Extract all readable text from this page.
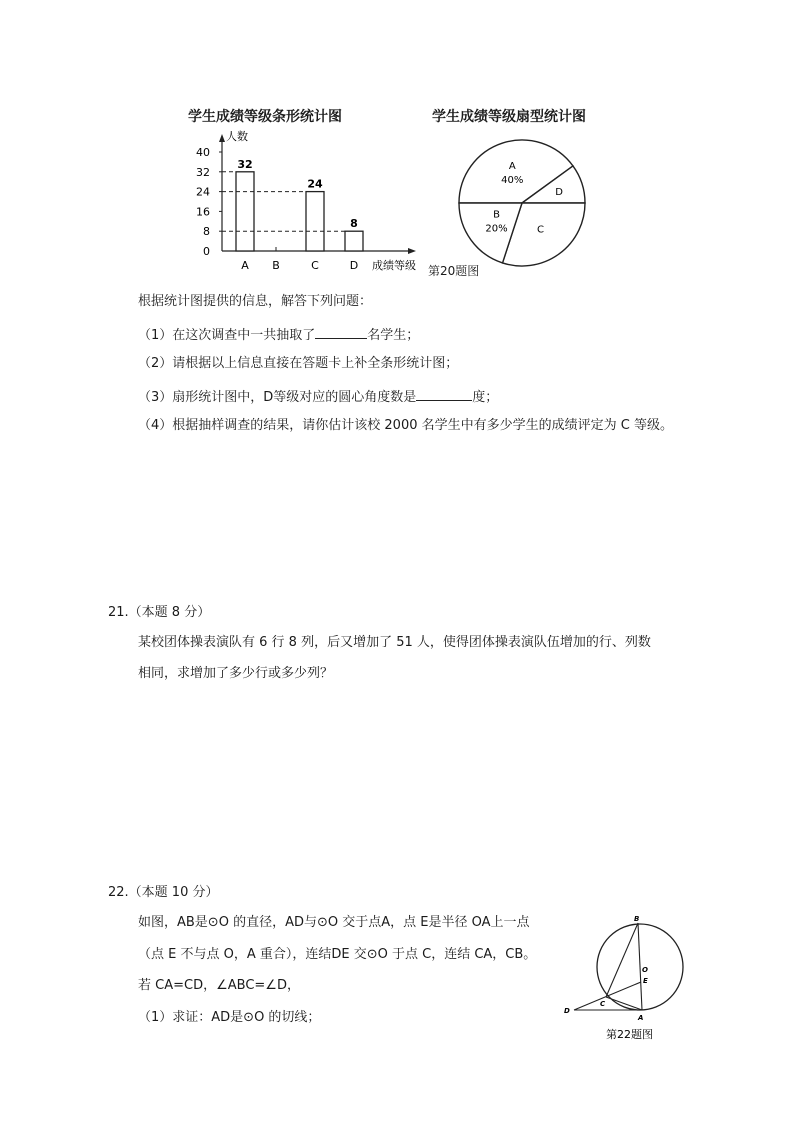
学生成绩等级条形统计图
人数
0
8
16
24
32
40
32
A B
24
C
8
D 成绩等级
学生成绩等级扇型统计图
A
40%
D
C
B
20%
第20题图
根据统计图提供的信息，解答下列问题：
（1）在这次调查中一共抽取了	名学生；
（2）请根据以上信息直接在答题卡上补全条形统计图；
（3）扇形统计图中，D等级对应的圆心角度数是	度；
（4）根据抽样调查的结果，请你估计该校 2000 名学生中有多少学生的成绩评定为 C 等级。
21.（本题 8 分）
某校团体操表演队有 6 行 8 列，后又增加了 51 人，使得团体操表演队伍增加的行、列数
相同，求增加了多少行或多少列？
22.（本题 10 分）
如图，AB是⊙O 的直径，AD与⊙O 交于点A，点 E是半径 OA上一点
（点 E 不与点 O，A 重合），连结DE 交⊙O 于点 C，连结 CA，CB。
若 CA=CD，∠ABC=∠D，
（1）求证：AD是⊙O 的切线；
B
O
E
C
D
A
第22题图
